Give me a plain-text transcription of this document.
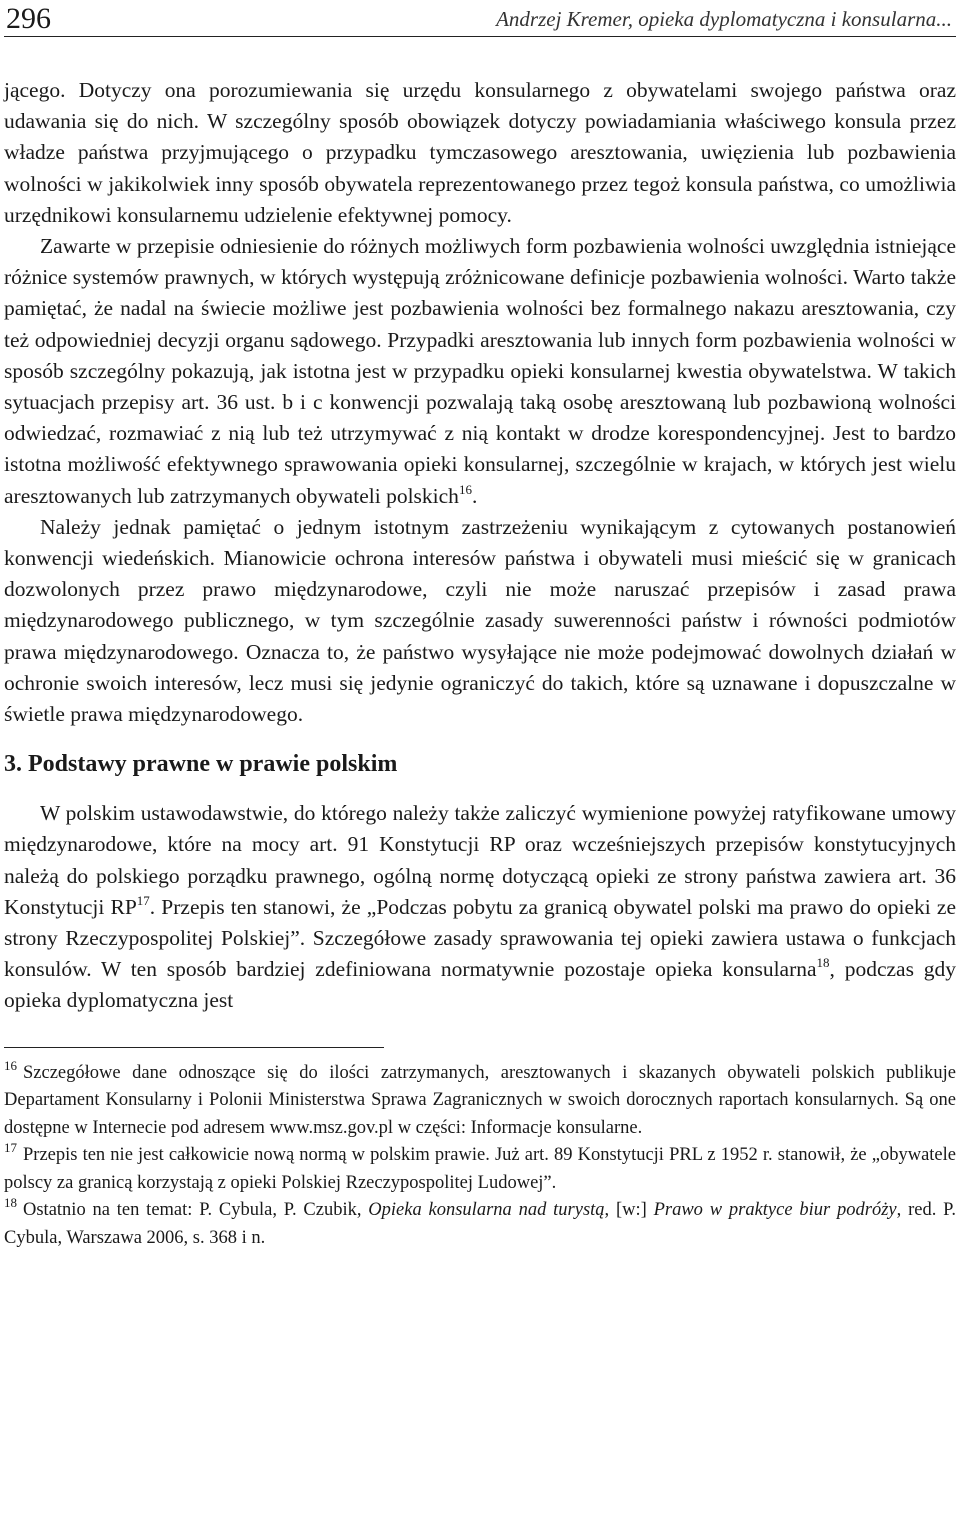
296	Andrzej Kremer, opieka dyplomatyczna i konsularna...

jącego. Dotyczy ona porozumiewania się urzędu konsularnego z obywatelami swojego państwa oraz udawania się do nich. W szczególny sposób obowiązek dotyczy powiadamiania właściwego konsula przez władze państwa przyjmującego o przypadku tymczasowego aresztowania, uwięzienia lub pozbawienia wolności w jakikolwiek inny sposób obywatela reprezentowanego przez tegoż konsula państwa, co umożliwia urzędnikowi konsularnemu udzielenie efektywnej pomocy.

Zawarte w przepisie odniesienie do różnych możliwych form pozbawienia wolności uwzględnia istniejące różnice systemów prawnych, w których występują zróżnicowane definicje pozbawienia wolności. Warto także pamiętać, że nadal na świecie możliwe jest pozbawienia wolności bez formalnego nakazu aresztowania, czy też odpowiedniej decyzji organu sądowego. Przypadki aresztowania lub innych form pozbawienia wolności w sposób szczególny pokazują, jak istotna jest w przypadku opieki konsularnej kwestia obywatelstwa. W takich sytuacjach przepisy art. 36 ust. b i c konwencji pozwalają taką osobę aresztowaną lub pozbawioną wolności odwiedzać, rozmawiać z nią lub też utrzymywać z nią kontakt w drodze korespondencyjnej. Jest to bardzo istotna możliwość efektywnego sprawowania opieki konsularnej, szczególnie w krajach, w których jest wielu aresztowanych lub zatrzymanych obywateli polskich$^{16}$.

Należy jednak pamiętać o jednym istotnym zastrzeżeniu wynikającym z cytowanych postanowień konwencji wiedeńskich. Mianowicie ochrona interesów państwa i obywateli musi mieścić się w granicach dozwolonych przez prawo międzynarodowe, czyli nie może naruszać przepisów i zasad prawa międzynarodowego publicznego, w tym szczególnie zasady suwerenności państw i równości podmiotów prawa międzynarodowego. Oznacza to, że państwo wysyłające nie może podejmować dowolnych działań w ochronie swoich interesów, lecz musi się jedynie ograniczyć do takich, które są uznawane i dopuszczalne w świetle prawa międzynarodowego.

3. Podstawy prawne w prawie polskim

W polskim ustawodawstwie, do którego należy także zaliczyć wymienione powyżej ratyfikowane umowy międzynarodowe, które na mocy art. 91 Konstytucji RP oraz wcześniejszych przepisów konstytucyjnych należą do polskiego porządku prawnego, ogólną normę dotyczącą opieki ze strony państwa zawiera art. 36 Konstytucji RP$^{17}$. Przepis ten stanowi, że „Podczas pobytu za granicą obywatel polski ma prawo do opieki ze strony Rzeczypospolitej Polskiej”. Szczegółowe zasady sprawowania tej opieki zawiera ustawa o funkcjach konsulów. W ten sposób bardziej zdefiniowana normatywnie pozostaje opieka konsularna$^{18}$, podczas gdy opieka dyplomatyczna jest

$^{16}$ Szczegółowe dane odnoszące się do ilości zatrzymanych, aresztowanych i skazanych obywateli polskich publikuje Departament Konsularny i Polonii Ministerstwa Sprawa Zagranicznych w swoich dorocznych raportach konsularnych. Są one dostępne w Internecie pod adresem www.msz.gov.pl w części: Informacje konsularne.

$^{17}$ Przepis ten nie jest całkowicie nową normą w polskim prawie. Już art. 89 Konstytucji PRL z 1952 r. stanowił, że „obywatele polscy za granicą korzystają z opieki Polskiej Rzeczypospolitej Ludowej”.

$^{18}$ Ostatnio na ten temat: P. Cybula, P. Czubik, Opieka konsularna nad turystą, [w:] Prawo w praktyce biur podróży, red. P. Cybula, Warszawa 2006, s. 368 i n.
